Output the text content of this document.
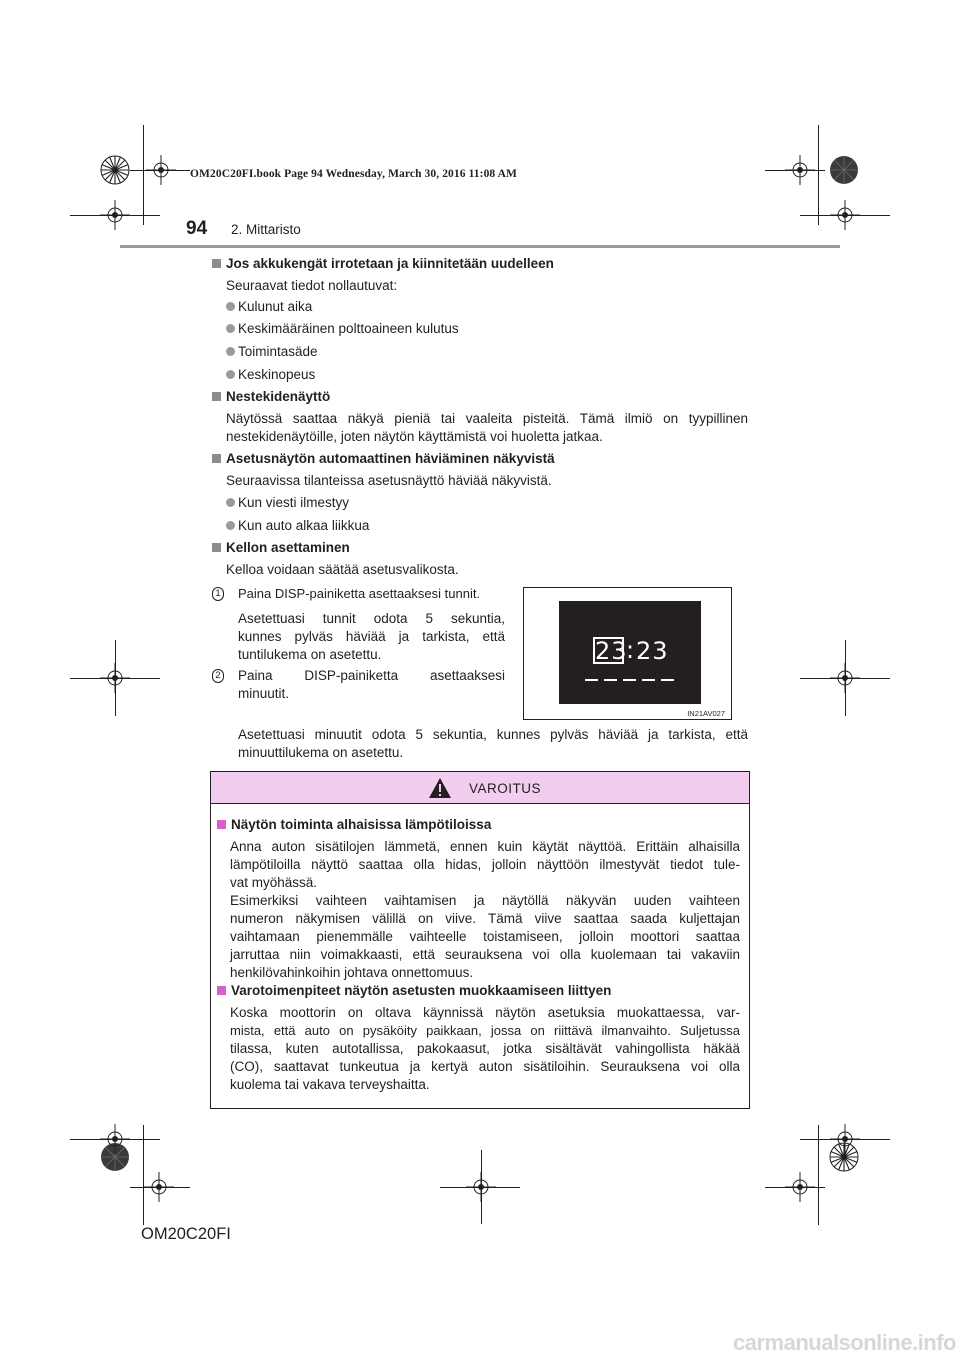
OM20C20FI.book Page 94 Wednesday, March 30, 2016 11:08 AM
94 2. Mittaristo
Jos akkukengät irrotetaan ja kiinnitetään uudelleen
Seuraavat tiedot nollautuvat:
Kulunut aika
Keskimääräinen polttoaineen kulutus
Toimintasäde
Keskinopeus
Nestekidenäyttö
Näytössä saattaa näkyä pieniä tai vaaleita pisteitä. Tämä ilmiö on tyypillinen
nestekidenäytöille, joten näytön käyttämistä voi huoletta jatkaa.
Asetusnäytön automaattinen häviäminen näkyvistä
Seuraavissa tilanteissa asetusnäyttö häviää näkyvistä.
Kun viesti ilmestyy
Kun auto alkaa liikkua
Kellon asettaminen
Kelloa voidaan säätää asetusvalikosta.
1 Paina DISP-painiketta asettaaksesi tunnit.
Asetettuasi tunnit odota 5 sekuntia,
kunnes pylväs häviää ja tarkista, että
tuntilukema on asetettu.
2 Paina DISP-painiketta asettaaksesi
minuutit.
Asetettuasi minuutit odota 5 sekuntia, kunnes pylväs häviää ja tarkista, että
minuuttilukema on asetettu.
23
: 23
IN21AV027
VAROITUS
Näytön toiminta alhaisissa lämpötiloissa
Anna auton sisätilojen lämmetä, ennen kuin käytät näyttöä. Erittäin alhaisilla
lämpötiloilla näyttö saattaa olla hidas, jolloin näyttöön ilmestyvät tiedot tule-
vat myöhässä.
Esimerkiksi vaihteen vaihtamisen ja näytöllä näkyvän uuden vaihteen
numeron näkymisen välillä on viive. Tämä viive saattaa saada kuljettajan
vaihtamaan pienemmälle vaihteelle toistamiseen, jolloin moottori saattaa
jarruttaa niin voimakkaasti, että seurauksena voi olla kuolemaan tai vakaviin
henkilövahinkoihin johtava onnettomuus.
Varotoimenpiteet näytön asetusten muokkaamiseen liittyen
Koska moottorin on oltava käynnissä näytön asetuksia muokattaessa, var-
mista, että auto on pysäköity paikkaan, jossa on riittävä ilmanvaihto. Suljetussa
tilassa, kuten autotallissa, pakokaasut, jotka sisältävät vahingollista häkää
(CO), saattavat tunkeutua ja kertyä auton sisätiloihin. Seurauksena voi olla
kuolema tai vakava terveyshaitta.
OM20C20FI
carmanualsonline.info
